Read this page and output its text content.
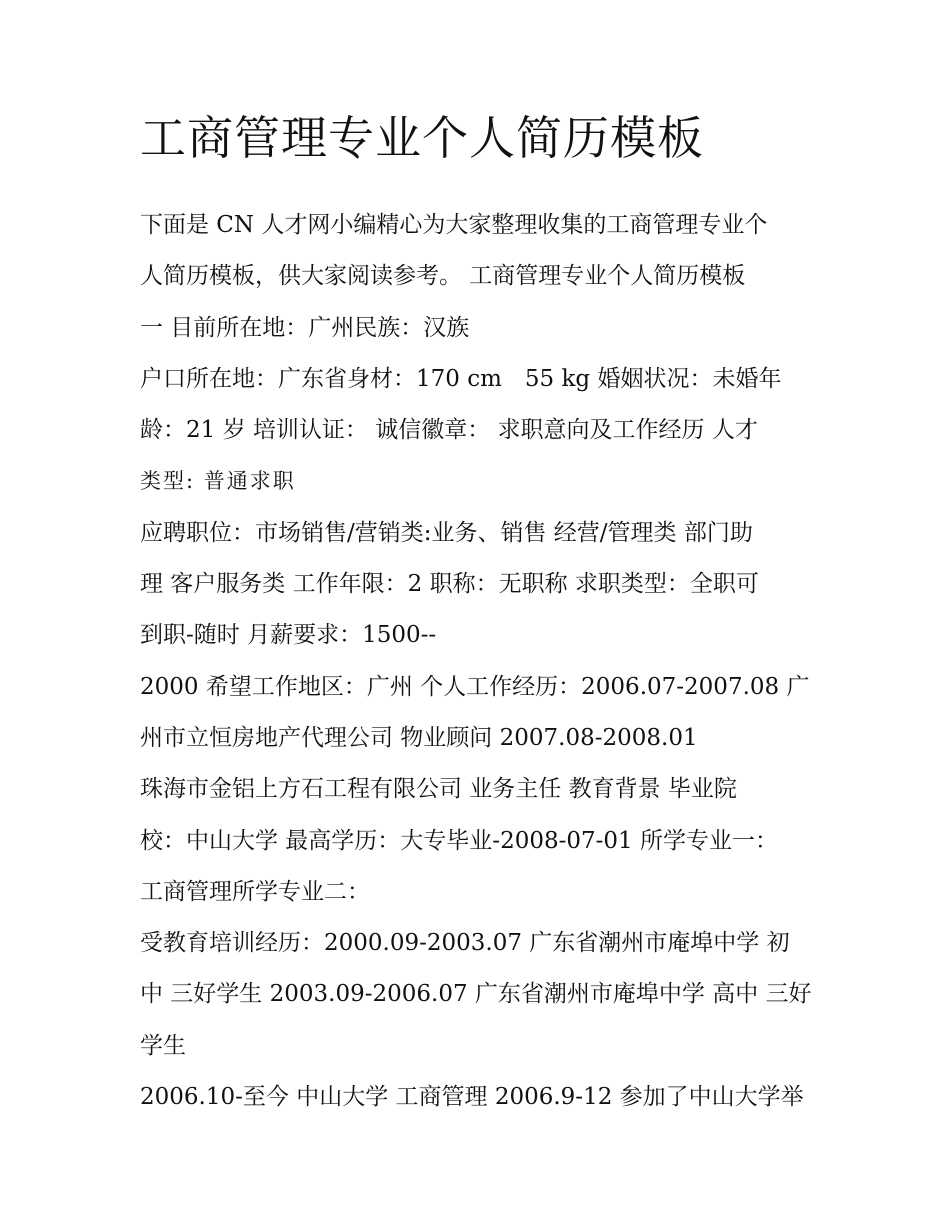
工商管理专业个人简历模板
下面是 CN 人才网小编精心为大家整理收集的工商管理专业个
人简历模板，供大家阅读参考。 工商管理专业个人简历模板
一 目前所在地：广州民族：汉族
户口所在地：广东省身材：170 cm　55 kg 婚姻状况：未婚年
龄：21 岁 培训认证： 诚信徽章： 求职意向及工作经历 人才
类型: 普通求职
应聘职位：市场销售/营销类:业务、销售 经营/管理类 部门助
理 客户服务类 工作年限：2 职称：无职称 求职类型：全职可
到职-随时 月薪要求：1500--
2000 希望工作地区：广州 个人工作经历：2006.07-2007.08 广
州市立恒房地产代理公司 物业顾问 2007.08-2008.01
珠海市金铝上方石工程有限公司 业务主任 教育背景 毕业院
校：中山大学 最高学历：大专毕业-2008-07-01 所学专业一：
工商管理所学专业二：
受教育培训经历：2000.09-2003.07 广东省潮州市庵埠中学 初
中 三好学生 2003.09-2006.07 广东省潮州市庵埠中学 高中 三好
学生
2006.10-至今 中山大学 工商管理 2006.9-12 参加了中山大学举
